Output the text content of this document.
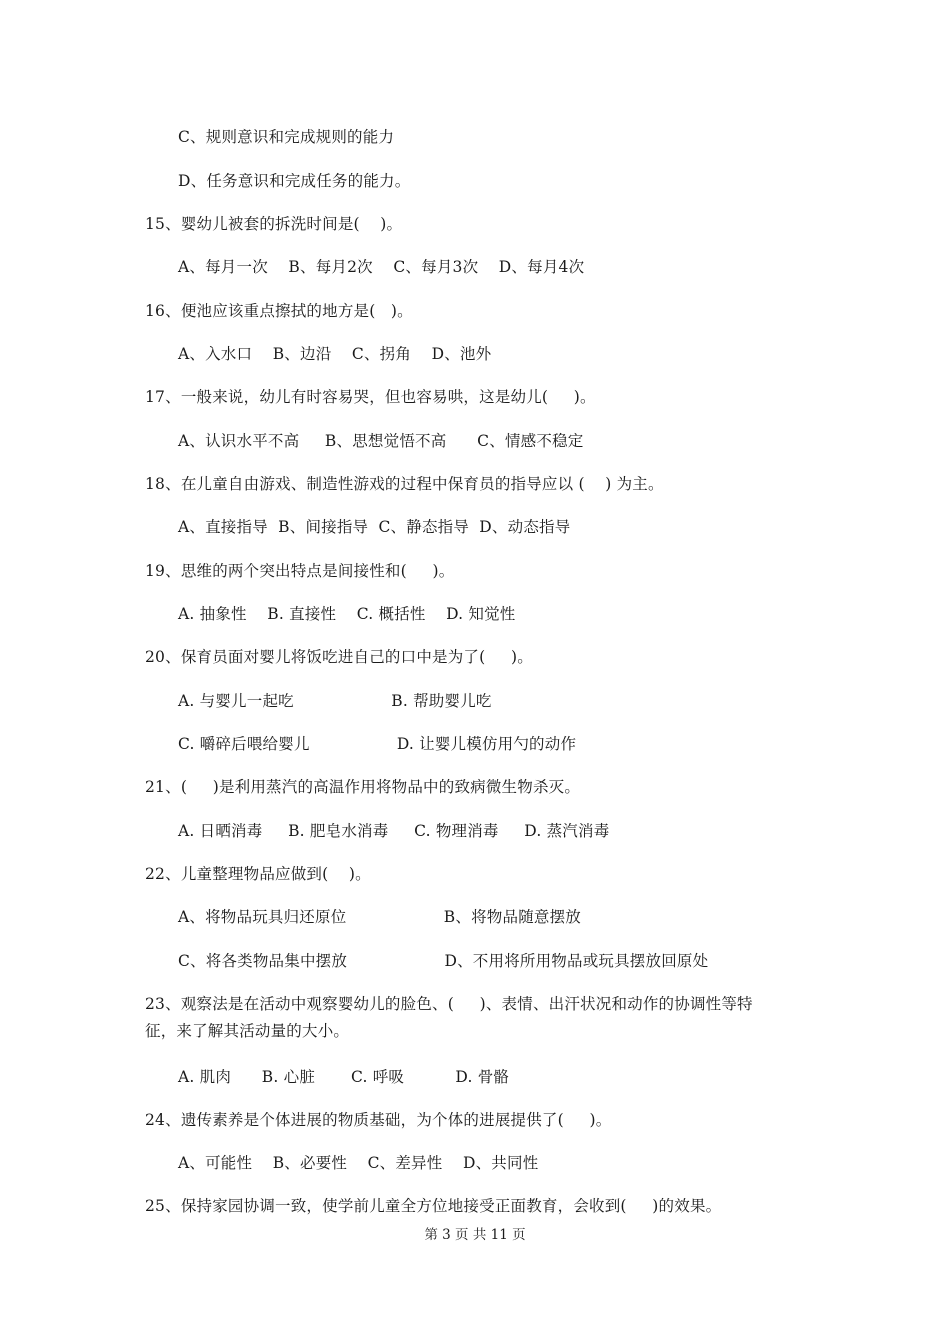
C、规则意识和完成规则的能力
D、任务意识和完成任务的能力。
15、婴幼儿被套的拆洗时间是(    )。
A、每月一次    B、每月2次    C、每月3次    D、每月4次
16、便池应该重点擦拭的地方是(   )。
A、入水口    B、边沿    C、拐角    D、池外
17、一般来说，幼儿有时容易哭，但也容易哄，这是幼儿(     )。
A、认识水平不高     B、思想觉悟不高      C、情感不稳定
18、在儿童自由游戏、制造性游戏的过程中保育员的指导应以 (    ) 为主。
A、直接指导  B、间接指导  C、静态指导  D、动态指导
19、思维的两个突出特点是间接性和(     )。
A. 抽象性    B. 直接性    C. 概括性    D. 知觉性
20、保育员面对婴儿将饭吃进自己的口中是为了(     )。
A. 与婴儿一起吃                   B. 帮助婴儿吃
C. 嚼碎后喂给婴儿                 D. 让婴儿模仿用勺的动作
21、(     )是利用蒸汽的高温作用将物品中的致病微生物杀灭。
A. 日晒消毒     B. 肥皂水消毒     C. 物理消毒     D. 蒸汽消毒
22、儿童整理物品应做到(    )。
A、将物品玩具归还原位                   B、将物品随意摆放
C、将各类物品集中摆放                   D、不用将所用物品或玩具摆放回原处
23、观察法是在活动中观察婴幼儿的脸色、(     )、表情、出汗状况和动作的协调性等特
征，来了解其活动量的大小。
A. 肌肉      B. 心脏       C. 呼吸          D. 骨骼
24、遗传素养是个体进展的物质基础，为个体的进展提供了(     )。
A、可能性    B、必要性    C、差异性    D、共同性
25、保持家园协调一致，使学前儿童全方位地接受正面教育，会收到(     )的效果。
第 3 页 共 11 页
